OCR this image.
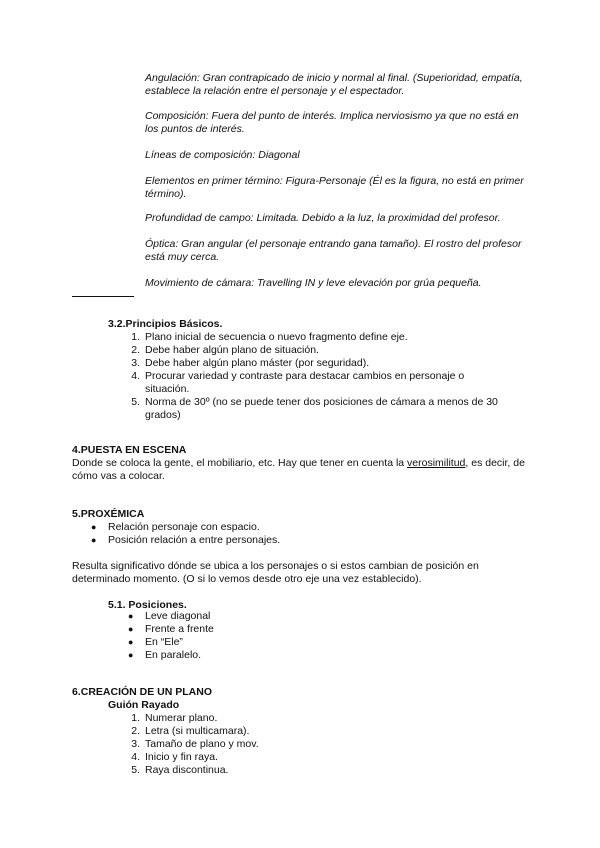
Angulación: Gran contrapicado de inicio y normal al final. (Superioridad, empatía, establece la relación entre el personaje y el espectador.
Composición: Fuera del punto de interés. Implica nerviosismo ya que no está en los puntos de interés.
Líneas de composición: Diagonal
Elementos en primer término: Figura-Personaje (Él es la figura, no está en primer término).
Profundidad de campo: Limitada. Debido a la luz, la proximidad del profesor.
Óptica: Gran angular (el personaje entrando gana tamaño). El rostro del profesor está muy cerca.
Movimiento de cámara: Travelling IN y leve elevación por grúa pequeña.
3.2.Principios Básicos.
1. Plano inicial de secuencia o nuevo fragmento define eje.
2. Debe haber algún plano de situación.
3. Debe haber algún plano máster (por seguridad).
4. Procurar variedad y contraste para destacar cambios en personaje o situación.
5. Norma de 30º (no se puede tener dos posiciones de cámara a menos de 30 grados)
4.PUESTA EN ESCENA
Donde se coloca la gente, el mobiliario, etc. Hay que tener en cuenta la verosimilitud, es decir, de cómo vas a colocar.
5.PROXÉMICA
● Relación personaje con espacio.
● Posición relación a entre personajes.
Resulta significativo dónde se ubica a los personajes o si estos cambian de posición en determinado momento. (O si lo vemos desde otro eje una vez establecido).
5.1. Posiciones.
● Leve diagonal
● Frente a frente
● En “Ele”
● En paralelo.
6.CREACIÓN DE UN PLANO
Guión Rayado
1. Numerar plano.
2. Letra (si multicamara).
3. Tamaño de plano y mov.
4. Inicio y fin raya.
5. Raya discontinua.
